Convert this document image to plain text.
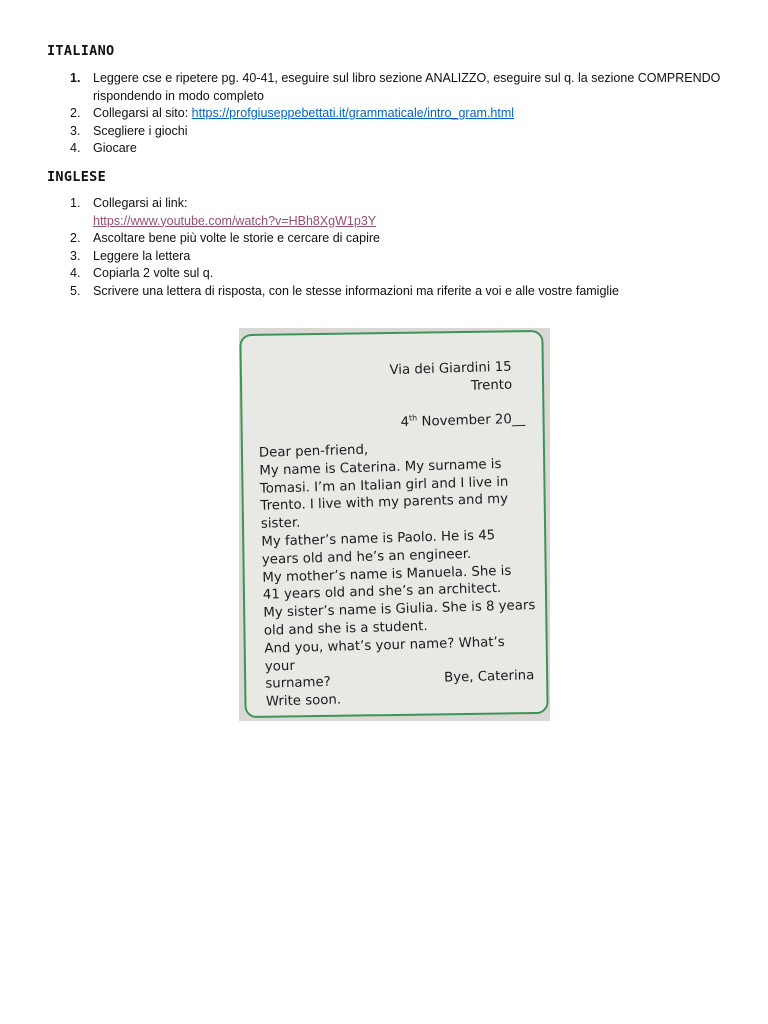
ITALIANO
1. Leggere cse e ripetere pg. 40-41, eseguire sul libro sezione ANALIZZO, eseguire sul q. la sezione COMPRENDO rispondendo in modo completo
2. Collegarsi al sito: https://profgiuseppebettati.it/grammaticale/intro_gram.html
3. Scegliere i giochi
4. Giocare
INGLESE
1. Collegarsi ai link:
https://www.youtube.com/watch?v=HBh8XgW1p3Y
2. Ascoltare bene più volte le storie e cercare di capire
3. Leggere la lettera
4. Copiarla 2 volte sul q.
5. Scrivere una lettera di risposta, con le stesse informazioni ma riferite a voi e alle vostre famiglie
Via dei Giardini 15
Trento
4th November 20__
Dear pen-friend,
My name is Caterina. My surname is
Tomasi. I’m an Italian girl and I live in
Trento. I live with my parents and my
sister.
My father’s name is Paolo. He is 45
years old and he’s an engineer.
My mother’s name is Manuela. She is
41 years old and she’s an architect.
My sister’s name is Giulia. She is 8 years
old and she is a student.
And you, what’s your name? What’s your
surname?
Write soon.
Bye, Caterina
